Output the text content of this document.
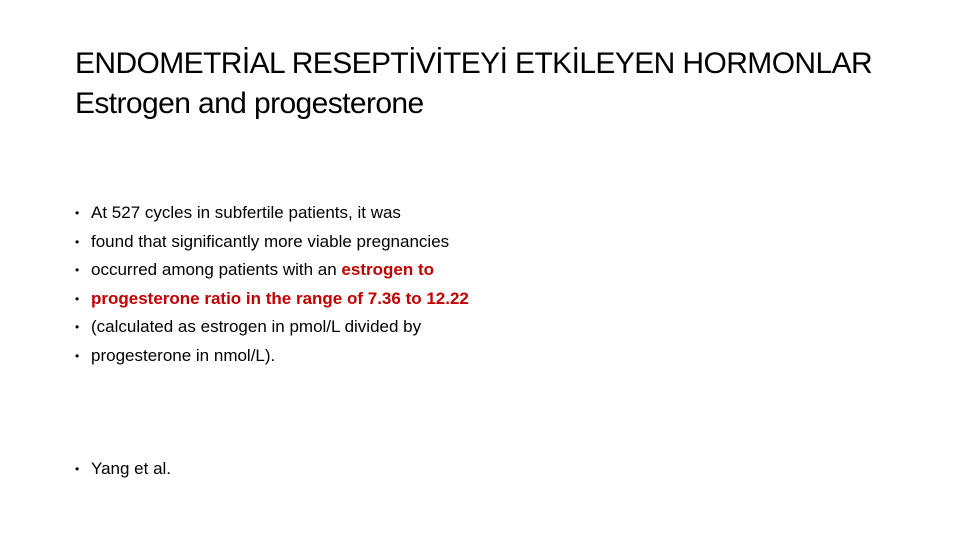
ENDOMETRİAL RESEPTİVİTEYİ ETKİLEYEN HORMONLAR
Estrogen and progesterone
• At 527 cycles in subfertile patients, it was
• found that significantly more viable pregnancies
• occurred among patients with an estrogen to
• progesterone ratio in the range of 7.36 to 12.22
• (calculated as estrogen in pmol/L divided by
• progesterone in nmol/L).
• Yang et al.
